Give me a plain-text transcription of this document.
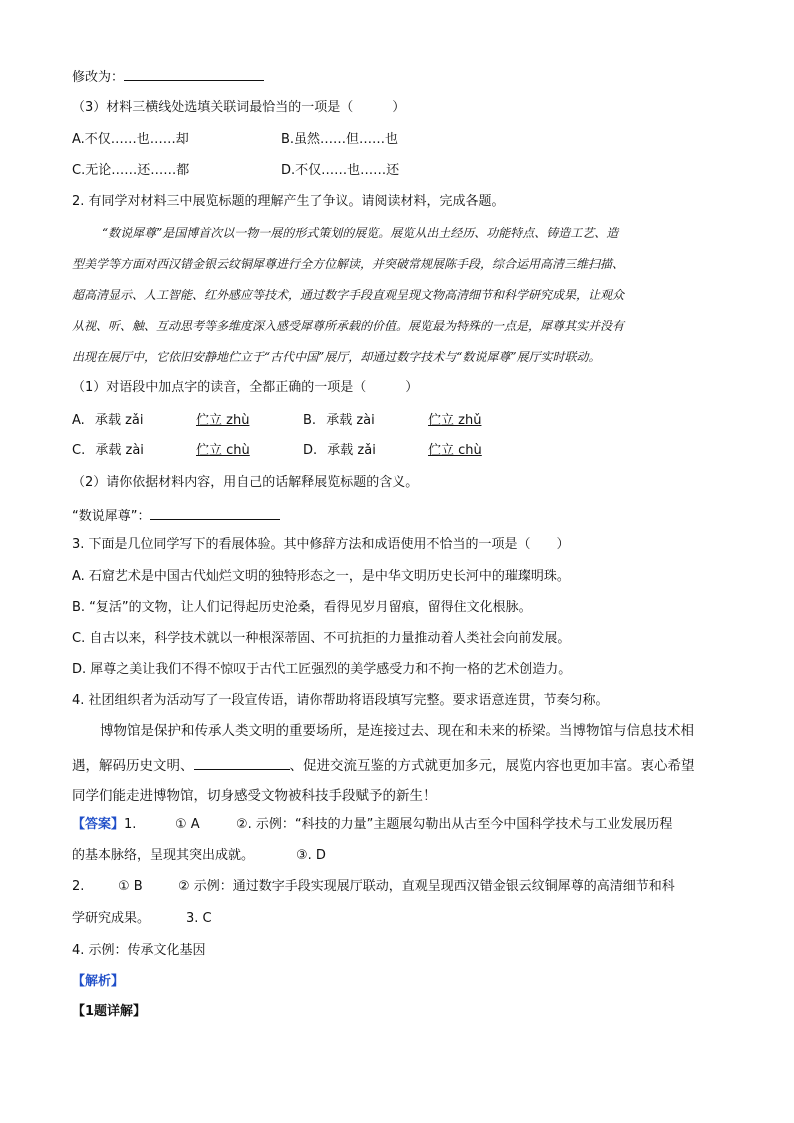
修改为：
（3）材料三横线处选填关联词最恰当的一项是（　　　）
A.不仅……也……却	B.虽然……但……也
C.无论……还……都	D.不仅……也……还
2. 有同学对材料三中展览标题的理解产生了争议。请阅读材料，完成各题。
“数说犀尊”是国博首次以一物一展的形式策划的展览。展览从出土经历、功能特点、铸造工艺、造
型美学等方面对西汉错金银云纹铜犀尊进行全方位解读，并突破常规展陈手段，综合运用高清三维扫描、
超高清显示、人工智能、红外感应等技术，通过数字手段直观呈现文物高清细节和科学研究成果，让观众
从视、听、触、互动思考等多维度深入感受犀尊所承载的价值。展览最为特殊的一点是，犀尊其实并没有
出现在展厅中，它依旧安静地伫立于“古代中国”展厅，却通过数字技术与“数说犀尊”展厅实时联动。
（1）对语段中加点字的读音，全都正确的一项是（　　　）
A. 承载 zǎi	伫立 zhù	B. 承载 zài	伫立 zhǔ
C. 承载 zài	伫立 chù	D. 承载 zǎi	伫立 chù
（2）请你依据材料内容，用自己的话解释展览标题的含义。
“数说犀尊”：
3. 下面是几位同学写下的看展体验。其中修辞方法和成语使用不恰当的一项是（　　）
A. 石窟艺术是中国古代灿烂文明的独特形态之一，是中华文明历史长河中的璀璨明珠。
B. “复活”的文物，让人们记得起历史沧桑，看得见岁月留痕，留得住文化根脉。
C. 自古以来，科学技术就以一种根深蒂固、不可抗拒的力量推动着人类社会向前发展。
D. 犀尊之美让我们不得不惊叹于古代工匠强烈的美学感受力和不拘一格的艺术创造力。
4. 社团组织者为活动写了一段宣传语，请你帮助将语段填写完整。要求语意连贯，节奏匀称。
博物馆是保护和传承人类文明的重要场所，是连接过去、现在和未来的桥梁。当博物馆与信息技术相
遇，解码历史文明、	、促进交流互鉴的方式就更加多元，展览内容也更加丰富。衷心希望
同学们能走进博物馆，切身感受文物被科技手段赋予的新生！
【答案】1.	① A	②. 示例：“科技的力量”主题展勾勒出从古至今中国科学技术与工业发展历程
的基本脉络，呈现其突出成就。	③. D
2.	① B	② 示例：通过数字手段实现展厅联动，直观呈现西汉错金银云纹铜犀尊的高清细节和科
学研究成果。	3. C
4. 示例：传承文化基因
【解析】
【1题详解】
